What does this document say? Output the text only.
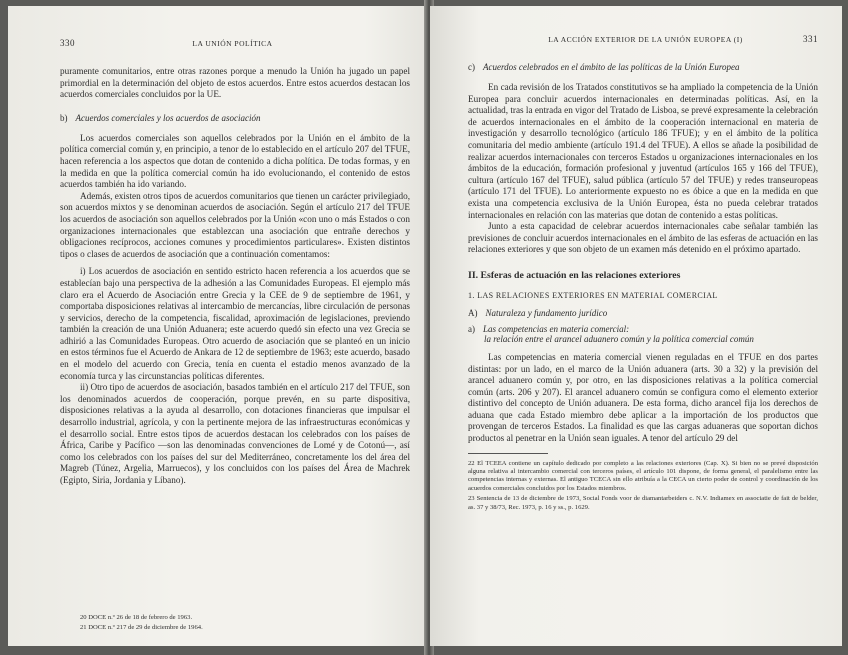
330	LA UNIÓN POLÍTICA

puramente comunitarios, entre otras razones porque a menudo la Unión ha jugado un papel primordial en la determinación del objeto de estos acuerdos. Entre estos acuerdos destacan los acuerdos comerciales concluidos por la UE.

b) Acuerdos comerciales y los acuerdos de asociación

Los acuerdos comerciales son aquellos celebrados por la Unión en el ámbito de la política comercial común y, en principio, a tenor de lo establecido en el artículo 207 del TFUE, hacen referencia a los aspectos que dotan de contenido a dicha política. De todas formas, y en la medida en que la política comercial común ha ido evolucionando, el contenido de estos acuerdos también ha ido variando.

Además, existen otros tipos de acuerdos comunitarios que tienen un carácter privilegiado, son acuerdos mixtos y se denominan acuerdos de asociación. Según el artículo 217 del TFUE los acuerdos de asociación son aquellos celebrados por la Unión «con uno o más Estados o con organizaciones internacionales que establezcan una asociación que entrañe derechos y obligaciones recíprocos, acciones comunes y procedimientos particulares». Existen distintos tipos o clases de acuerdos de asociación que a continuación comentamos:

i) Los acuerdos de asociación en sentido estricto hacen referencia a los acuerdos que se establecían bajo una perspectiva de la adhesión a las Comunidades Europeas. El ejemplo más claro era el Acuerdo de Asociación entre Grecia y la CEE de 9 de septiembre de 1961, y comportaba disposiciones relativas al intercambio de mercancías, libre circulación de personas y servicios, derecho de la competencia, fiscalidad, aproximación de legislaciones, previendo también la creación de una Unión Aduanera; este acuerdo quedó sin efecto una vez Grecia se adhirió a las Comunidades Europeas. Otro acuerdo de asociación que se planteó en un inicio en estos términos fue el Acuerdo de Ankara de 12 de septiembre de 1963; este acuerdo, basado en el modelo del acuerdo con Grecia, tenía en cuenta el estadio menos avanzado de la economía turca y las circunstancias políticas diferentes.

ii) Otro tipo de acuerdos de asociación, basados también en el artículo 217 del TFUE, son los denominados acuerdos de cooperación, porque prevén, en su parte dispositiva, disposiciones relativas a la ayuda al desarrollo, con dotaciones financieras que impulsar el desarrollo industrial, agrícola, y con la pertinente mejora de las infraestructuras económicas y el desarrollo social. Entre estos tipos de acuerdos destacan los celebrados con los países de África, Caribe y Pacífico —son las denominadas convenciones de Lomé y de Cotonú—, así como los celebrados con los países del sur del Mediterráneo, concretamente los del área del Magreb (Túnez, Argelia, Marruecos), y los concluidos con los países del Área de Machrek (Egipto, Siria, Jordania y Líbano).

20 DOCE n.º 26 de 18 de febrero de 1963.

21 DOCE n.º 217 de 29 de diciembre de 1964.

LA ACCIÓN EXTERIOR DE LA UNIÓN EUROPEA (I)	331
c) Acuerdos celebrados en el ámbito de las políticas de la Unión Europea

En cada revisión de los Tratados constitutivos se ha ampliado la competencia de la Unión Europea para concluir acuerdos internacionales en determinadas políticas. Así, en la actualidad, tras la entrada en vigor del Tratado de Lisboa, se prevé expresamente la celebración de acuerdos internacionales en el ámbito de la cooperación internacional en materia de investigación y desarrollo tecnológico (artículo 186 TFUE); y en el ámbito de la política comunitaria del medio ambiente (artículo 191.4 del TFUE). A ellos se añade la posibilidad de realizar acuerdos internacionales con terceros Estados u organizaciones internacionales en los ámbitos de la educación, formación profesional y juventud (artículos 165 y 166 del TFUE), cultura (artículo 167 del TFUE), salud pública (artículo 57 del TFUE) y redes transeuropeas (artículo 171 del TFUE). Lo anteriormente expuesto no es óbice a que en la medida en que exista una competencia exclusiva de la Unión Europea, ésta no pueda celebrar tratados internacionales en relación con las materias que dotan de contenido a estas políticas.

Junto a esta capacidad de celebrar acuerdos internacionales cabe señalar también las previsiones de concluir acuerdos internacionales en el ámbito de las esferas de actuación en las relaciones exteriores y que son objeto de un examen más detenido en el próximo apartado.

II. Esferas de actuación en las relaciones exteriores
1. LAS RELACIONES EXTERIORES EN MATERIAL COMERCIAL
A) Naturaleza y fundamento jurídico
a) Las competencias en materia comercial:
la relación entre el arancel aduanero común y la política comercial común

Las competencias en materia comercial vienen reguladas en el TFUE en dos partes distintas: por un lado, en el marco de la Unión aduanera (arts. 30 a 32) y la previsión del arancel aduanero común y, por otro, en las disposiciones relativas a la política comercial común (arts. 206 y 207). El arancel aduanero común se configura como el elemento exterior distintivo del concepto de Unión aduanera. De esta forma, dicho arancel fija los derechos de aduana que cada Estado miembro debe aplicar a la importación de los productos que provengan de terceros Estados. La finalidad es que las cargas aduaneras que soportan dichos productos al penetrar en la Unión sean iguales. A tenor del artículo 29 del

22 El TCEEA contiene un capítulo dedicado por completo a las relaciones exteriores (Cap. X). Si bien no se prevé disposición alguna relativa al intercambio comercial con terceros países, el artículo 101 dispone, de forma general, el paralelismo entre las competencias internas y externas. El antiguo TCECA sin ello atribuía a la CECA un cierto poder de control y coordinación de los acuerdos comerciales concluidos por los Estados miembros.

23 Sentencia de 13 de diciembre de 1973, Social Fonds voor de diamantarbeiders c. N.V. Indiamex en associatie de fait de belder, as. 37 y 38/73, Rec. 1973, p. 16 y ss., p. 1629.
